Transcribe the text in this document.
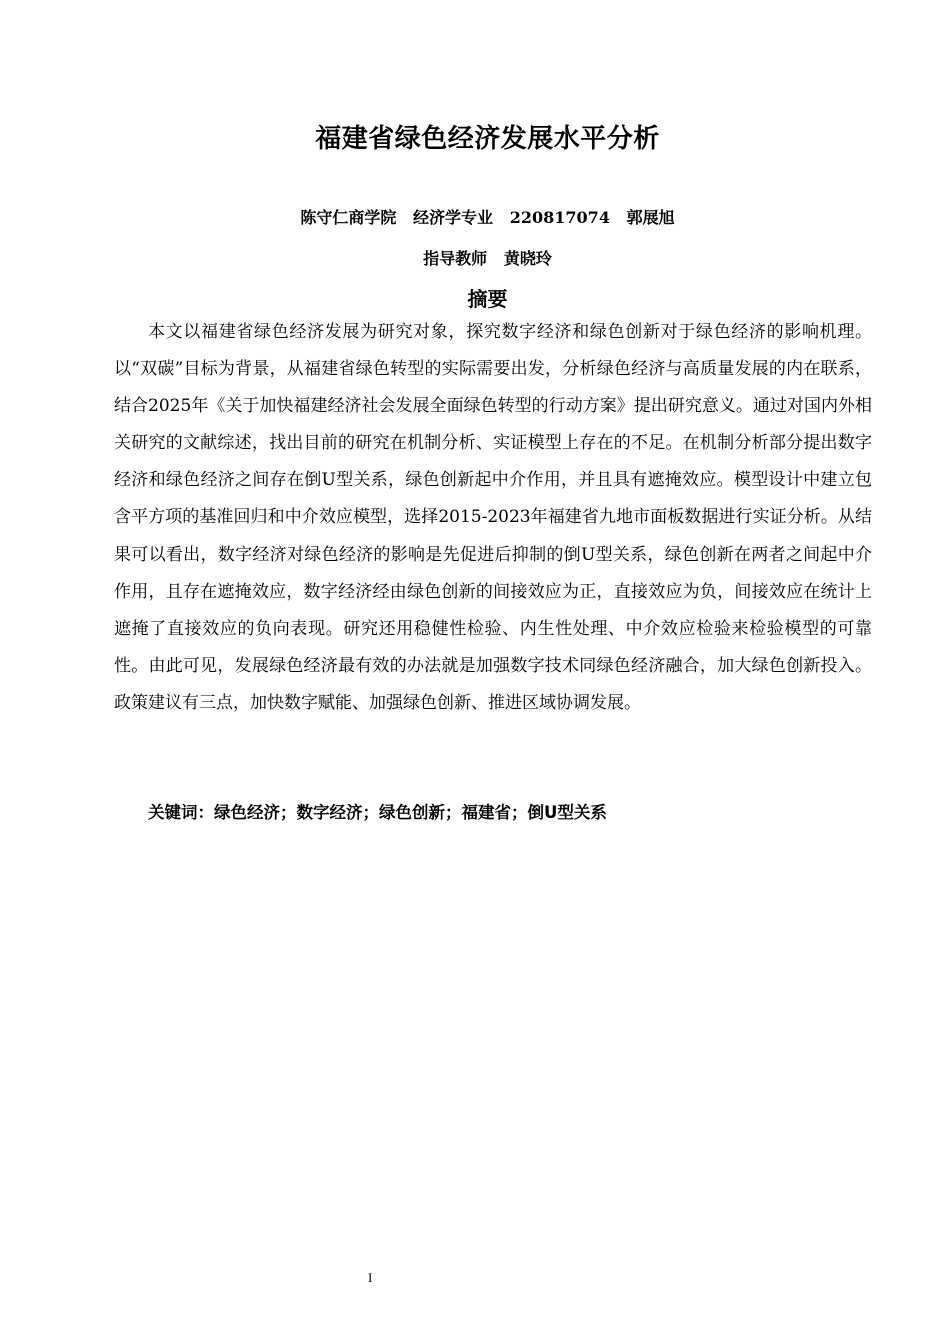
福建省绿色经济发展水平分析
陈守仁商学院   经济学专业   220817074   郭展旭
指导教师   黄晓玲
摘要

本文以福建省绿色经济发展为研究对象，探究数字经济和绿色创新对于绿色经济的影响机理。以“双碳”目标为背景，从福建省绿色转型的实际需要出发，分析绿色经济与高质量发展的内在联系，结合2025年《关于加快福建经济社会发展全面绿色转型的行动方案》提出研究意义。通过对国内外相关研究的文献综述，找出目前的研究在机制分析、实证模型上存在的不足。在机制分析部分提出数字经济和绿色经济之间存在倒U型关系，绿色创新起中介作用，并且具有遮掩效应。模型设计中建立包含平方项的基准回归和中介效应模型，选择2015-2023年福建省九地市面板数据进行实证分析。从结果可以看出，数字经济对绿色经济的影响是先促进后抑制的倒U型关系，绿色创新在两者之间起中介作用，且存在遮掩效应，数字经济经由绿色创新的间接效应为正，直接效应为负，间接效应在统计上遮掩了直接效应的负向表现。研究还用稳健性检验、内生性处理、中介效应检验来检验模型的可靠性。由此可见，发展绿色经济最有效的办法就是加强数字技术同绿色经济融合，加大绿色创新投入。政策建议有三点，加快数字赋能、加强绿色创新、推进区域协调发展。

关键词：绿色经济；数字经济；绿色创新；福建省；倒U型关系
I
